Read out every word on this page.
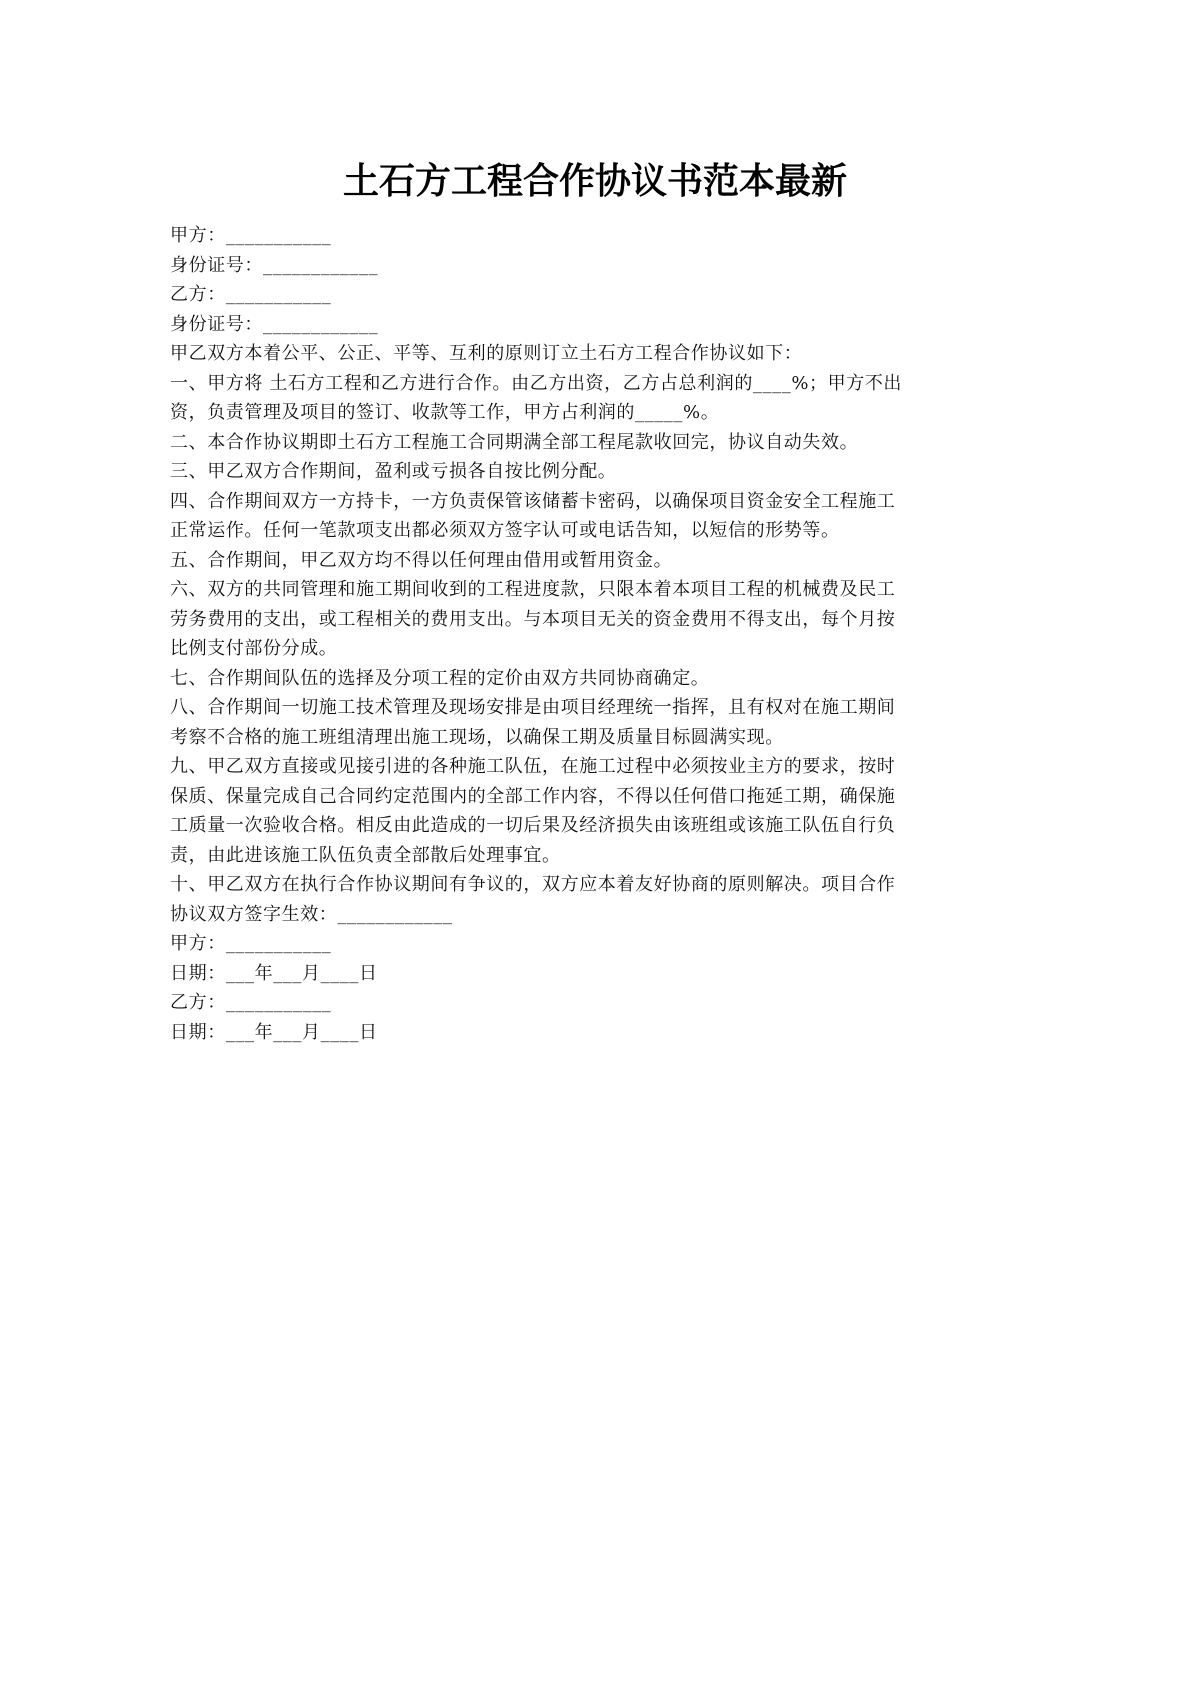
土石方工程合作协议书范本最新
甲方：___________
身份证号：____________
乙方：___________
身份证号：____________
甲乙双方本着公平、公正、平等、互利的原则订立土石方工程合作协议如下：
一、甲方将 土石方工程和乙方进行合作。由乙方出资，乙方占总利润的____%；甲方不出
资，负责管理及项目的签订、收款等工作，甲方占利润的_____%。
二、本合作协议期即土石方工程施工合同期满全部工程尾款收回完，协议自动失效。
三、甲乙双方合作期间，盈利或亏损各自按比例分配。
四、合作期间双方一方持卡，一方负责保管该储蓄卡密码，以确保项目资金安全工程施工
正常运作。任何一笔款项支出都必须双方签字认可或电话告知，以短信的形势等。
五、合作期间，甲乙双方均不得以任何理由借用或暂用资金。
六、双方的共同管理和施工期间收到的工程进度款，只限本着本项目工程的机械费及民工
劳务费用的支出，或工程相关的费用支出。与本项目无关的资金费用不得支出，每个月按
比例支付部份分成。
七、合作期间队伍的选择及分项工程的定价由双方共同协商确定。
八、合作期间一切施工技术管理及现场安排是由项目经理统一指挥，且有权对在施工期间
考察不合格的施工班组清理出施工现场，以确保工期及质量目标圆满实现。
九、甲乙双方直接或见接引进的各种施工队伍，在施工过程中必须按业主方的要求，按时
保质、保量完成自己合同约定范围内的全部工作内容，不得以任何借口拖延工期，确保施
工质量一次验收合格。相反由此造成的一切后果及经济损失由该班组或该施工队伍自行负
责，由此进该施工队伍负责全部散后处理事宜。
十、甲乙双方在执行合作协议期间有争议的，双方应本着友好协商的原则解决。项目合作
协议双方签字生效：____________
甲方：___________
日期：___年___月____日
乙方：___________
日期：___年___月____日
